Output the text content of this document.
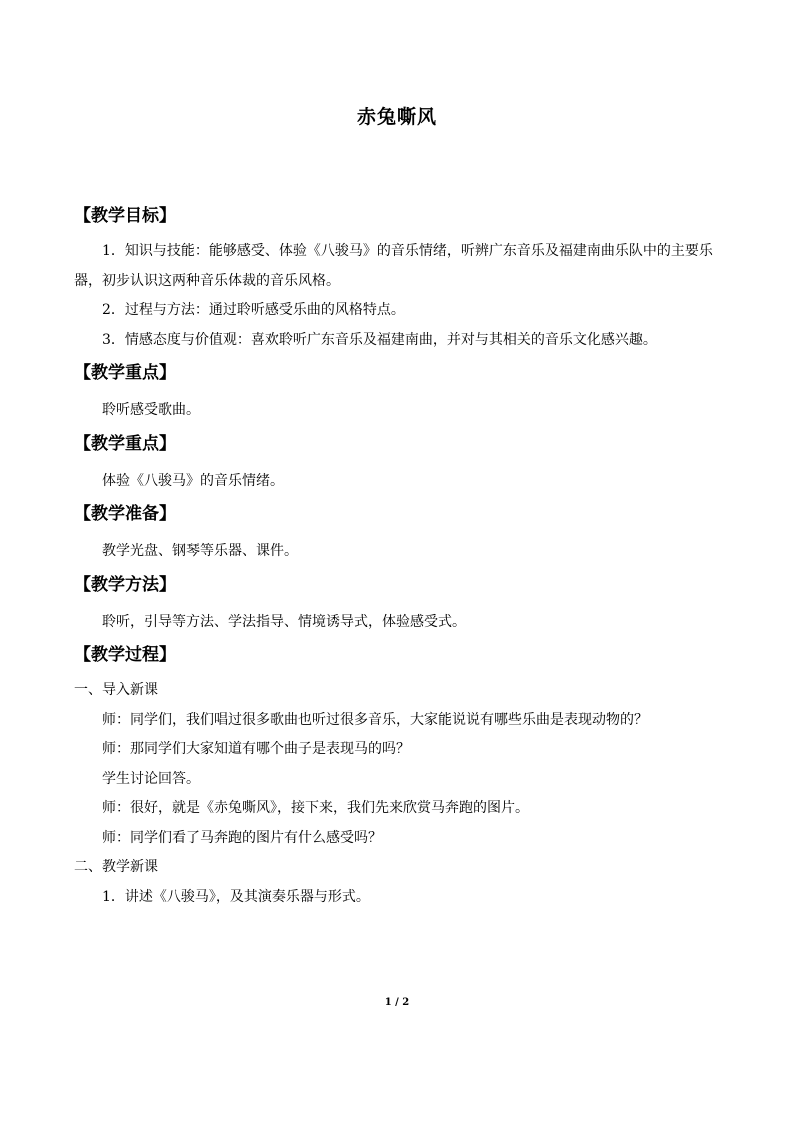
赤兔嘶风
【教学目标】

1．知识与技能：能够感受、体验《八骏马》的音乐情绪，听辨广东音乐及福建南曲乐队中的主要乐器，初步认识这两种音乐体裁的音乐风格。

2．过程与方法：通过聆听感受乐曲的风格特点。

3．情感态度与价值观：喜欢聆听广东音乐及福建南曲，并对与其相关的音乐文化感兴趣。

【教学重点】

聆听感受歌曲。

【教学重点】

体验《八骏马》的音乐情绪。

【教学准备】

教学光盘、钢琴等乐器、课件。

【教学方法】

聆听，引导等方法、学法指导、情境诱导式，体验感受式。

【教学过程】

一、导入新课

师：同学们，我们唱过很多歌曲也听过很多音乐，大家能说说有哪些乐曲是表现动物的？

师：那同学们大家知道有哪个曲子是表现马的吗？

学生讨论回答。

师：很好，就是《赤兔嘶风》，接下来，我们先来欣赏马奔跑的图片。

师：同学们看了马奔跑的图片有什么感受吗？

二、教学新课

1．讲述《八骏马》，及其演奏乐器与形式。

1 / 2
